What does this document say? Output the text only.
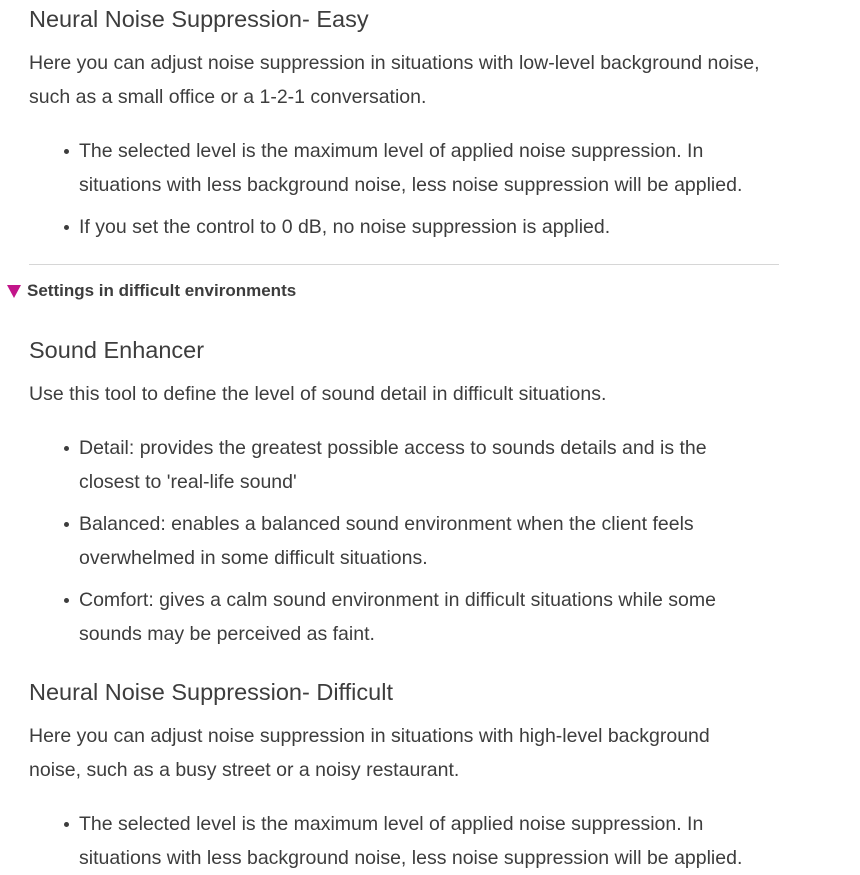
Neural Noise Suppression- Easy

Here you can adjust noise suppression in situations with low-level background noise,
such as a small office or a 1-2-1 conversation.

The selected level is the maximum level of applied noise suppression. In
situations with less background noise, less noise suppression will be applied.
If you set the control to 0 dB, no noise suppression is applied.
Settings in difficult environments
Sound Enhancer

Use this tool to define the level of sound detail in difficult situations.

Detail: provides the greatest possible access to sounds details and is the
closest to 'real-life sound'
Balanced: enables a balanced sound environment when the client feels
overwhelmed in some difficult situations.
Comfort: gives a calm sound environment in difficult situations while some
sounds may be perceived as faint.
Neural Noise Suppression- Difficult

Here you can adjust noise suppression in situations with high-level background
noise, such as a busy street or a noisy restaurant.

The selected level is the maximum level of applied noise suppression. In
situations with less background noise, less noise suppression will be applied.
